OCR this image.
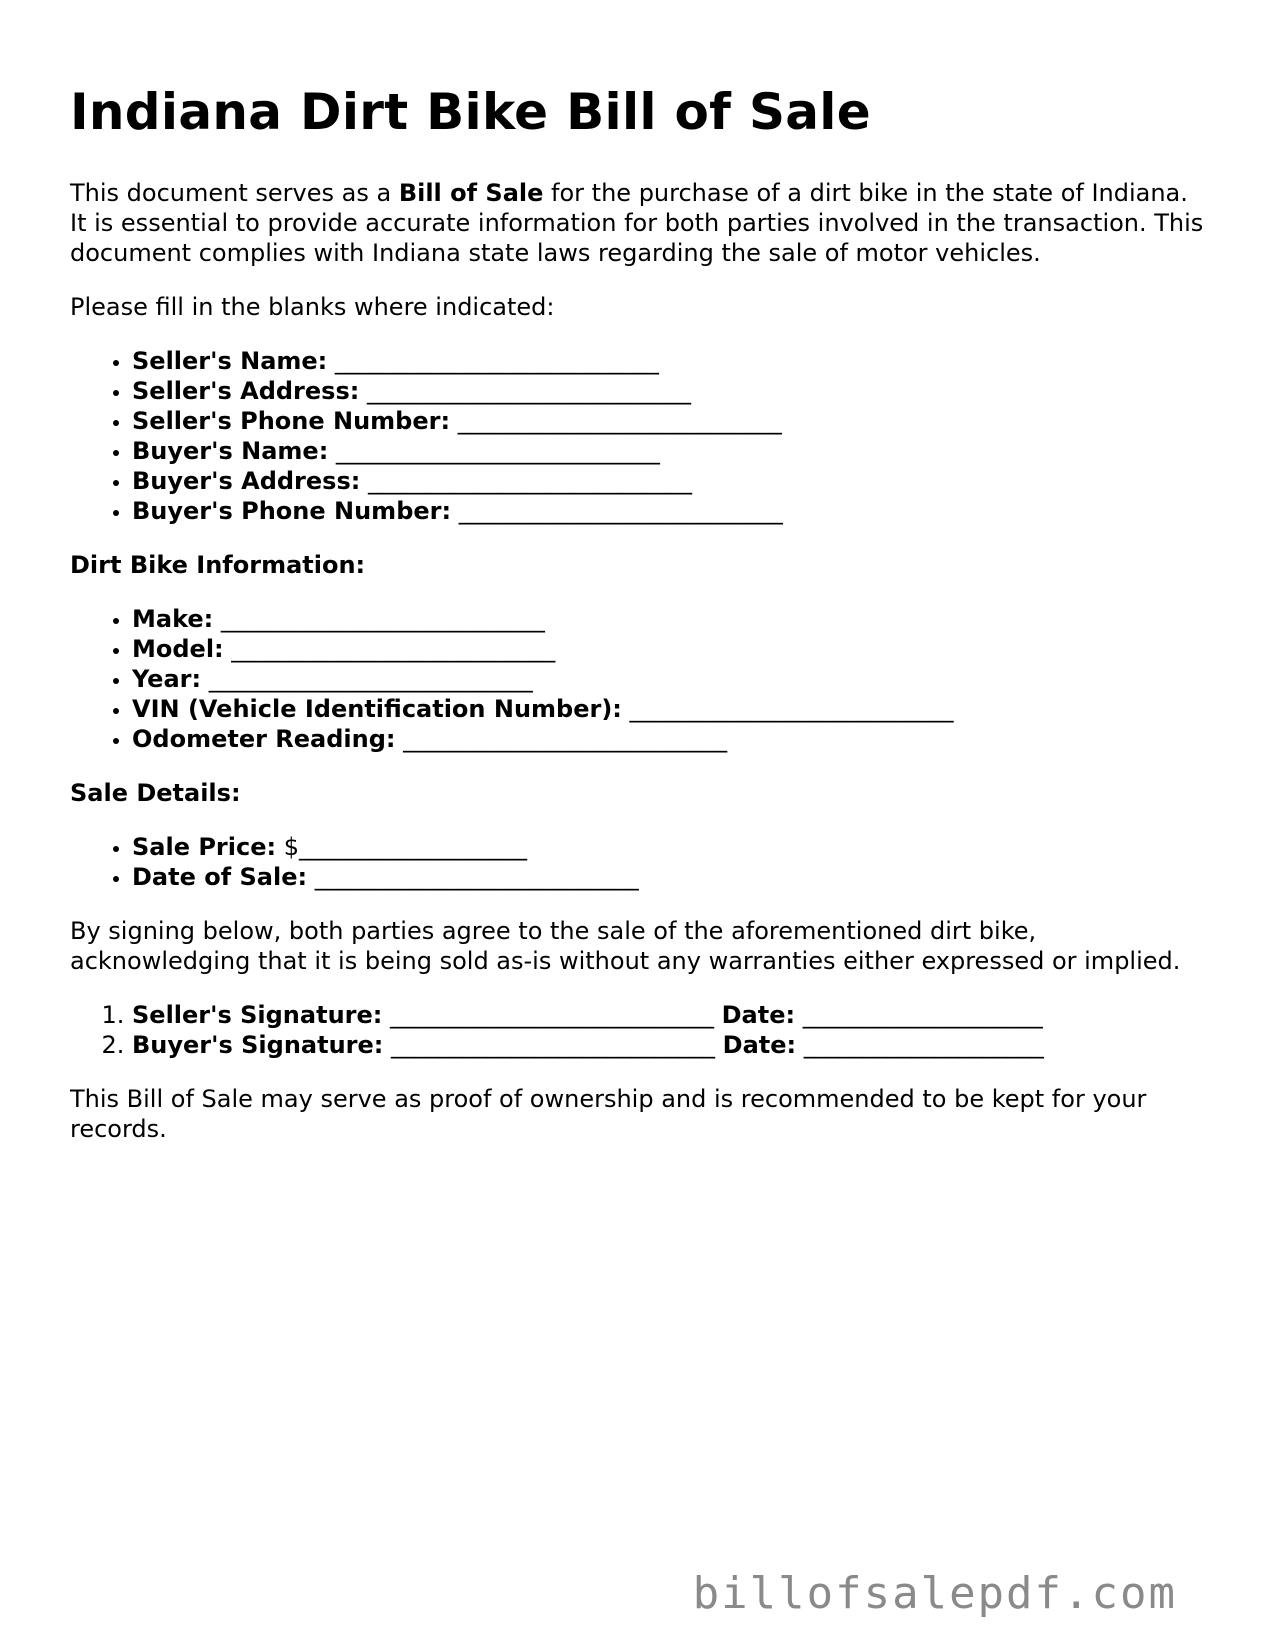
Indiana Dirt Bike Bill of Sale

This document serves as a Bill of Sale for the purchase of a dirt bike in the state of Indiana. It is essential to provide accurate information for both parties involved in the transaction. This document complies with Indiana state laws regarding the sale of motor vehicles.

Please fill in the blanks where indicated:

• Seller's Name: ___________________________
• Seller's Address: ___________________________
• Seller's Phone Number: ___________________________
• Buyer's Name: ___________________________
• Buyer's Address: ___________________________
• Buyer's Phone Number: ___________________________
Dirt Bike Information:
• Make: ___________________________
• Model: ___________________________
• Year: ___________________________
• VIN (Vehicle Identification Number): ___________________________
• Odometer Reading: ___________________________
Sale Details:
• Sale Price: $___________________
• Date of Sale: ___________________________

By signing below, both parties agree to the sale of the aforementioned dirt bike, acknowledging that it is being sold as-is without any warranties either expressed or implied.

1. Seller's Signature: ___________________________ Date: ____________________
2. Buyer's Signature: ___________________________ Date: ____________________

This Bill of Sale may serve as proof of ownership and is recommended to be kept for your records.

billofsalepdf.com
